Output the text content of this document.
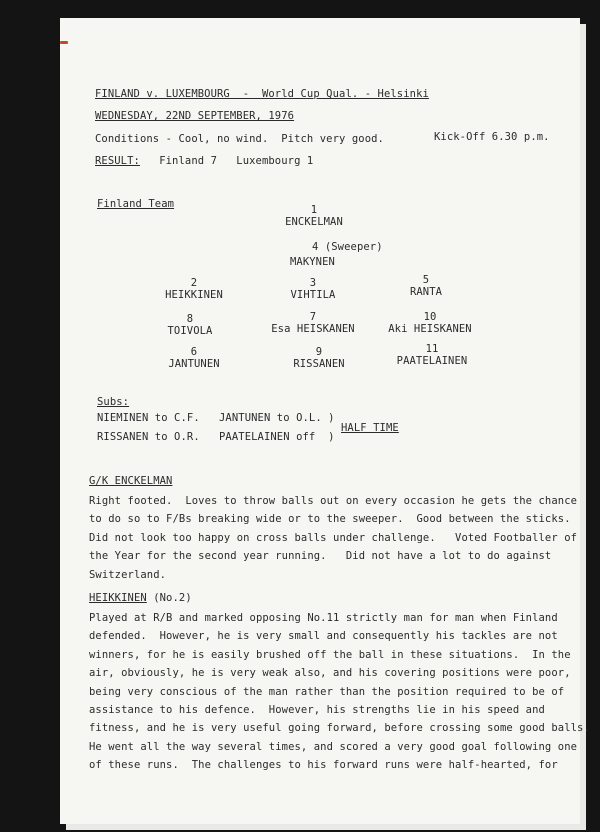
FINLAND v. LUXEMBOURG  -  World Cup Qual. - Helsinki
WEDNESDAY, 22ND SEPTEMBER, 1976
Conditions - Cool, no wind.  Pitch very good.	Kick-Off 6.30 p.m.
RESULT: Finland 7   Luxembourg 1
Finland Team	1
ENCKELMAN
4 (Sweeper)
MAKYNEN
2
HEIKKINEN
3
VIHTILA
5
RANTA
8
TOIVOLA
7
Esa HEISKANEN
10
Aki HEISKANEN
6
JANTUNEN
9
RISSANEN
11
PAATELAINEN
Subs:
NIEMINEN to C.F.   JANTUNEN to O.L. )
RISSANEN to O.R.   PAATELAINEN off  )
HALF TIME
G/K ENCKELMAN
Right footed.  Loves to throw balls out on every occasion he gets the chance
to do so to F/Bs breaking wide or to the sweeper.  Good between the sticks.
Did not look too happy on cross balls under challenge.   Voted Footballer of
the Year for the second year running.   Did not have a lot to do against
Switzerland.
HEIKKINEN (No.2)
Played at R/B and marked opposing No.11 strictly man for man when Finland
defended.  However, he is very small and consequently his tackles are not
winners, for he is easily brushed off the ball in these situations.  In the
air, obviously, he is very weak also, and his covering positions were poor,
being very conscious of the man rather than the position required to be of
assistance to his defence.  However, his strengths lie in his speed and
fitness, and he is very useful going forward, before crossing some good balls.
He went all the way several times, and scored a very good goal following one
of these runs.  The challenges to his forward runs were half-hearted, for
